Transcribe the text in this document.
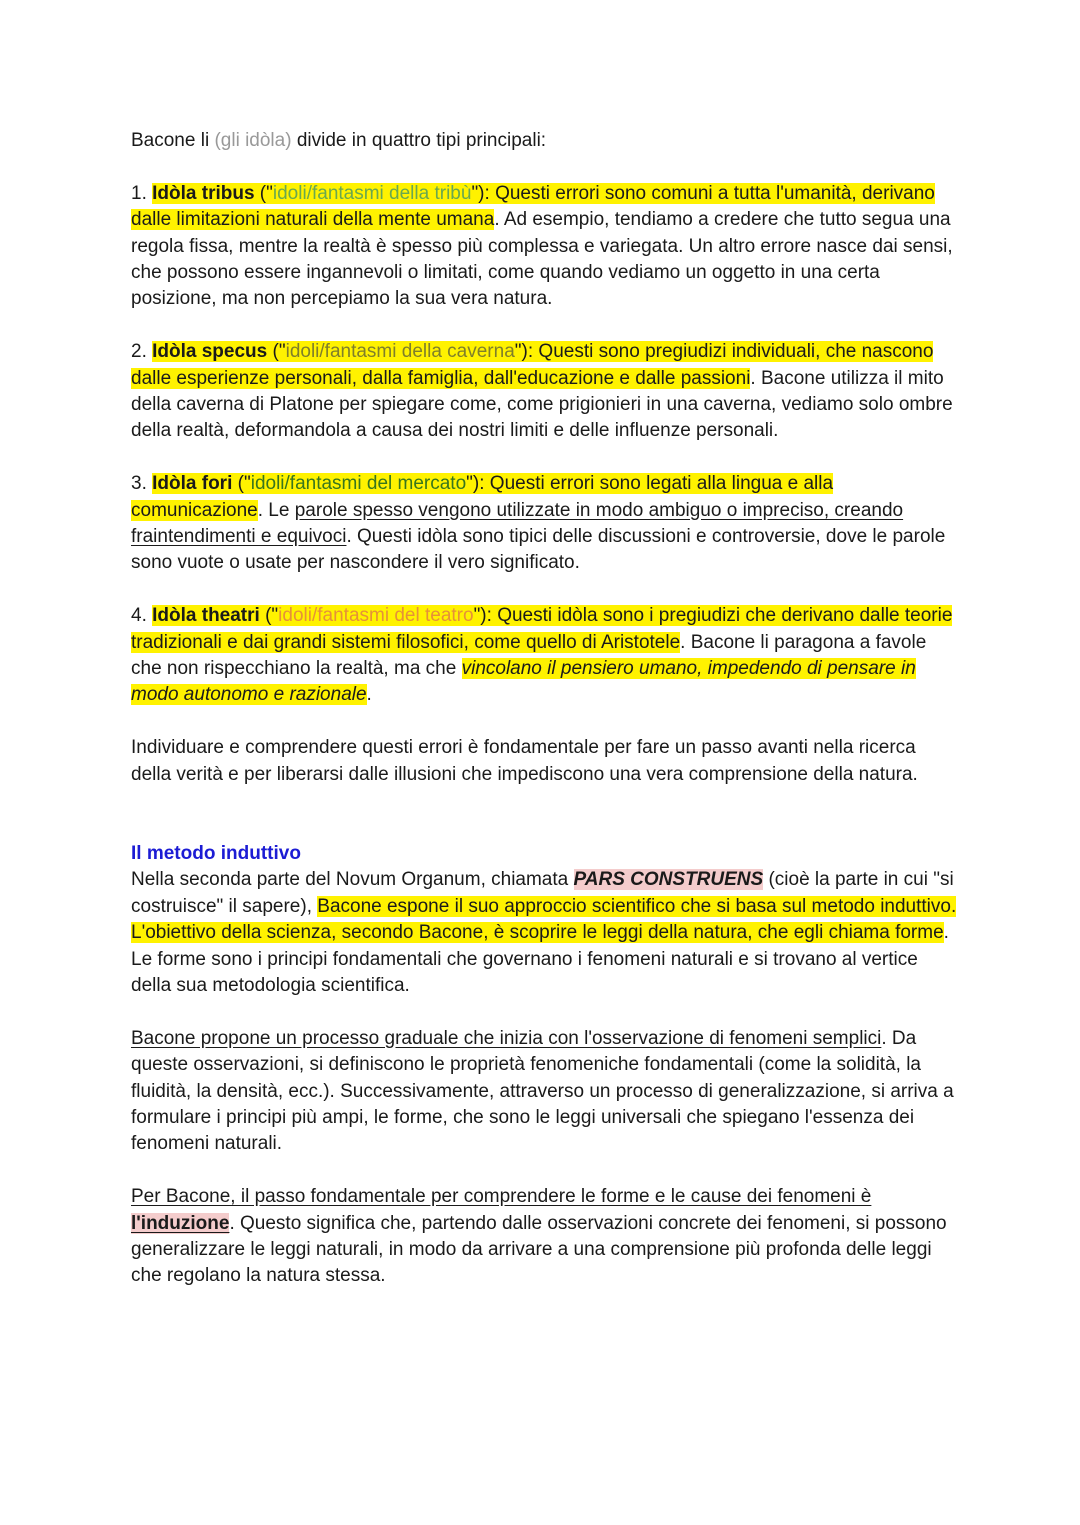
Bacone li (gli idòla) divide in quattro tipi principali:

1. Idòla tribus ("idoli/fantasmi della tribù"): Questi errori sono comuni a tutta l'umanità, derivano dalle limitazioni naturali della mente umana. Ad esempio, tendiamo a credere che tutto segua una regola fissa, mentre la realtà è spesso più complessa e variegata. Un altro errore nasce dai sensi, che possono essere ingannevoli o limitati, come quando vediamo un oggetto in una certa posizione, ma non percepiamo la sua vera natura.

2. Idòla specus ("idoli/fantasmi della caverna"): Questi sono pregiudizi individuali, che nascono dalle esperienze personali, dalla famiglia, dall'educazione e dalle passioni. Bacone utilizza il mito della caverna di Platone per spiegare come, come prigionieri in una caverna, vediamo solo ombre della realtà, deformandola a causa dei nostri limiti e delle influenze personali.

3. Idòla fori ("idoli/fantasmi del mercato"): Questi errori sono legati alla lingua e alla comunicazione. Le parole spesso vengono utilizzate in modo ambiguo o impreciso, creando fraintendimenti e equivoci. Questi idòla sono tipici delle discussioni e controversie, dove le parole sono vuote o usate per nascondere il vero significato.

4. Idòla theatri ("idoli/fantasmi del teatro"): Questi idòla sono i pregiudizi che derivano dalle teorie tradizionali e dai grandi sistemi filosofici, come quello di Aristotele. Bacone li paragona a favole che non rispecchiano la realtà, ma che vincolano il pensiero umano, impedendo di pensare in modo autonomo e razionale.

Individuare e comprendere questi errori è fondamentale per fare un passo avanti nella ricerca della verità e per liberarsi dalle illusioni che impediscono una vera comprensione della natura.

Il metodo induttivo

Nella seconda parte del Novum Organum, chiamata PARS CONSTRUENS (cioè la parte in cui "si costruisce" il sapere), Bacone espone il suo approccio scientifico che si basa sul metodo induttivo. L'obiettivo della scienza, secondo Bacone, è scoprire le leggi della natura, che egli chiama forme. Le forme sono i principi fondamentali che governano i fenomeni naturali e si trovano al vertice della sua metodologia scientifica.

Bacone propone un processo graduale che inizia con l'osservazione di fenomeni semplici. Da queste osservazioni, si definiscono le proprietà fenomeniche fondamentali (come la solidità, la fluidità, la densità, ecc.). Successivamente, attraverso un processo di generalizzazione, si arriva a formulare i principi più ampi, le forme, che sono le leggi universali che spiegano l'essenza dei fenomeni naturali.

Per Bacone, il passo fondamentale per comprendere le forme e le cause dei fenomeni è l'induzione. Questo significa che, partendo dalle osservazioni concrete dei fenomeni, si possono generalizzare le leggi naturali, in modo da arrivare a una comprensione più profonda delle leggi che regolano la natura stessa.
